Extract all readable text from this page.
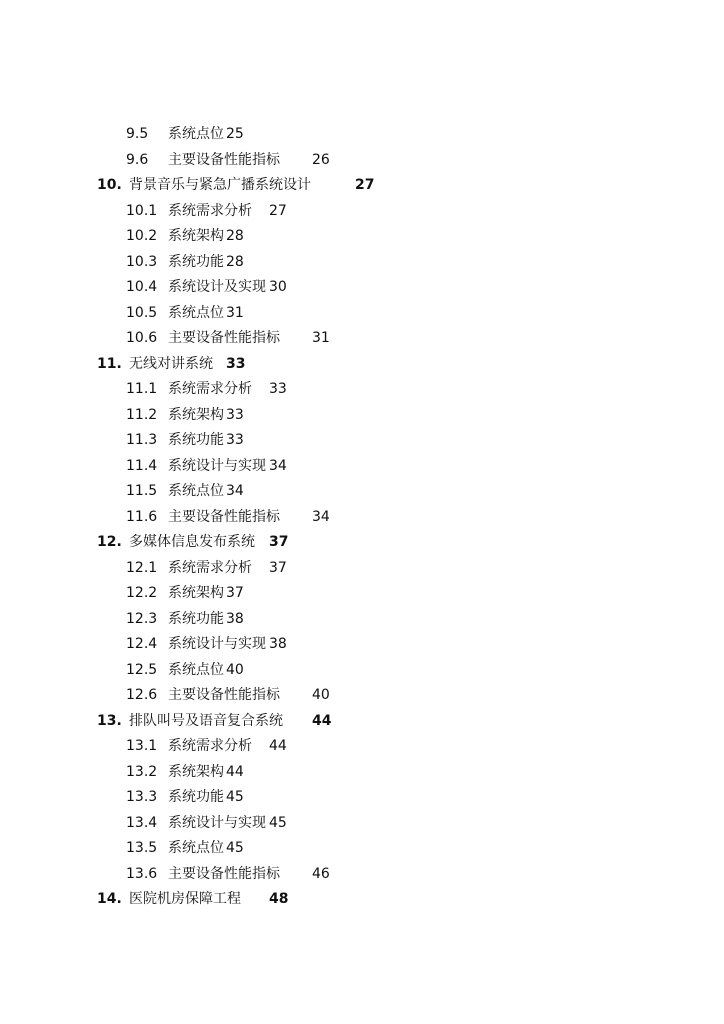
9.5 系统点位 25
9.6 主要设备性能指标 26
10. 背景音乐与紧急广播系统设计	27
10.1 系统需求分析 27
10.2 系统架构 28
10.3 系统功能 28
10.4 系统设计及实现 30
10.5 系统点位 31
10.6 主要设备性能指标 31
11. 无线对讲系统 33
11.1 系统需求分析 33
11.2 系统架构 33
11.3 系统功能 33
11.4 系统设计与实现 34
11.5 系统点位 34
11.6 主要设备性能指标 34
12. 多媒体信息发布系统 37
12.1 系统需求分析 37
12.2 系统架构 37
12.3 系统功能 38
12.4 系统设计与实现 38
12.5 系统点位 40
12.6 主要设备性能指标 40
13. 排队叫号及语音复合系统 44
13.1 系统需求分析 44
13.2 系统架构 44
13.3 系统功能 45
13.4 系统设计与实现 45
13.5 系统点位 45
13.6 主要设备性能指标 46
14. 医院机房保障工程 48
